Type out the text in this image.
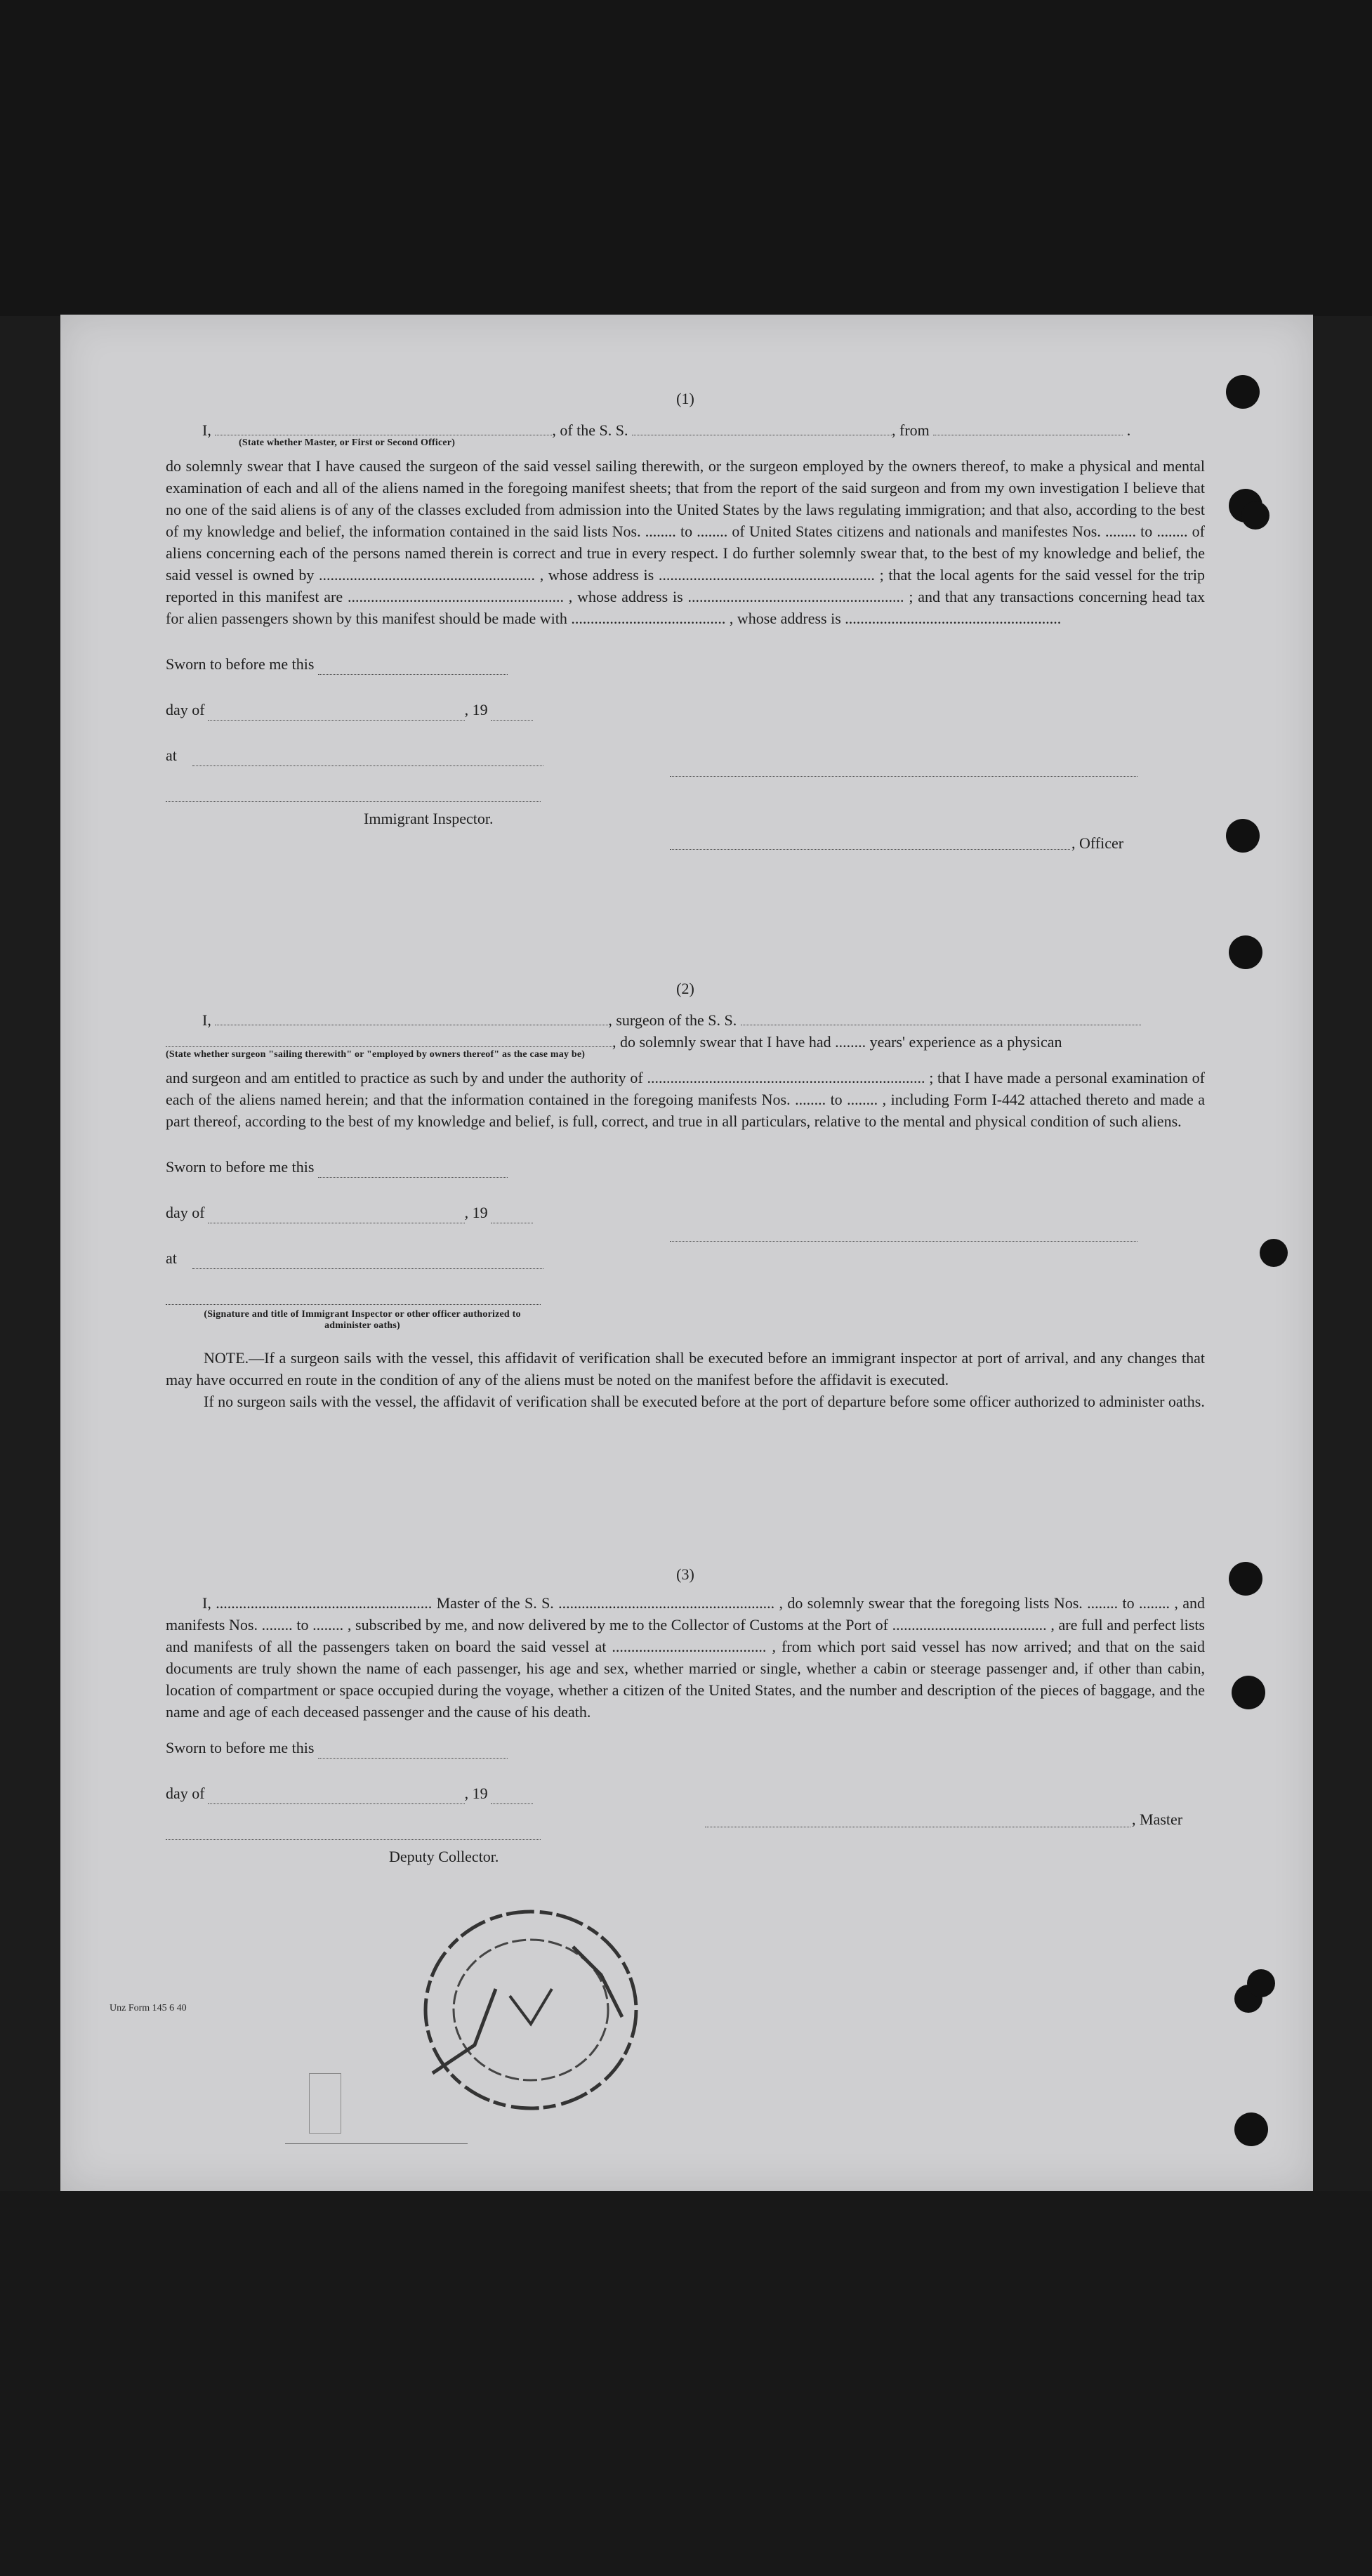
(1)
I,	, of the S. S.	, from	.
(State whether Master, or First or Second Officer)
do solemnly swear that I have caused the surgeon of the said vessel sailing therewith, or the surgeon employed by the owners thereof, to make a physical and mental examination of each and all of the aliens named in the foregoing manifest sheets; that from the report of the said surgeon and from my own investigation I believe that no one of the said aliens is of any of the classes excluded from admission into the United States by the laws regulating immigration; and that also, according to the best of my knowledge and belief, the information contained in the said lists Nos. ........ to ........ of United States citizens and nationals and manifestes Nos. ........ to ........ of aliens concerning each of the persons named therein is correct and true in every respect. I do further solemnly swear that, to the best of my knowledge and belief, the said vessel is owned by ........................................................ , whose address is ........................................................ ; that the local agents for the said vessel for the trip reported in this manifest are ........................................................ , whose address is ........................................................ ; and that any transactions concerning head tax for alien passengers shown by this manifest should be made with ........................................ , whose address is ........................................................
Sworn to before me this
day of	, 19
at
Immigrant Inspector.
, Officer
(2)
I,	, surgeon of the S. S.
, do solemnly swear that I have had ........ years' experience as a physican
(State whether surgeon "sailing therewith" or "employed by owners thereof" as the case may be)
and surgeon and am entitled to practice as such by and under the authority of ........................................................................ ; that I have made a personal examination of each of the aliens named herein; and that the information contained in the foregoing manifests Nos. ........ to ........ , including Form I-442 attached thereto and made a part thereof, according to the best of my knowledge and belief, is full, correct, and true in all particulars, relative to the mental and physical condition of such aliens.
Sworn to before me this
day of	, 19
at
(Signature and title of Immigrant Inspector or other officer authorized to administer oaths)
NOTE.—If a surgeon sails with the vessel, this affidavit of verification shall be executed before an immigrant inspector at port of arrival, and any changes that may have occurred en route in the condition of any of the aliens must be noted on the manifest before the affidavit is executed.
If no surgeon sails with the vessel, the affidavit of verification shall be executed before at the port of departure before some officer authorized to administer oaths.
(3)
I, ........................................................ Master of the S. S. ........................................................ , do solemnly swear that the foregoing lists Nos. ........ to ........ , and manifests Nos. ........ to ........ , subscribed by me, and now delivered by me to the Collector of Customs at the Port of ........................................ , are full and perfect lists and manifests of all the passengers taken on board the said vessel at ........................................ , from which port said vessel has now arrived; and that on the said documents are truly shown the name of each passenger, his age and sex, whether married or single, whether a cabin or steerage passenger and, if other than cabin, location of compartment or space occupied during the voyage, whether a citizen of the United States, and the number and description of the pieces of baggage, and the name and age of each deceased passenger and the cause of his death.
Sworn to before me this
day of	, 19
Deputy Collector.
, Master
Unz Form 145 6 40
